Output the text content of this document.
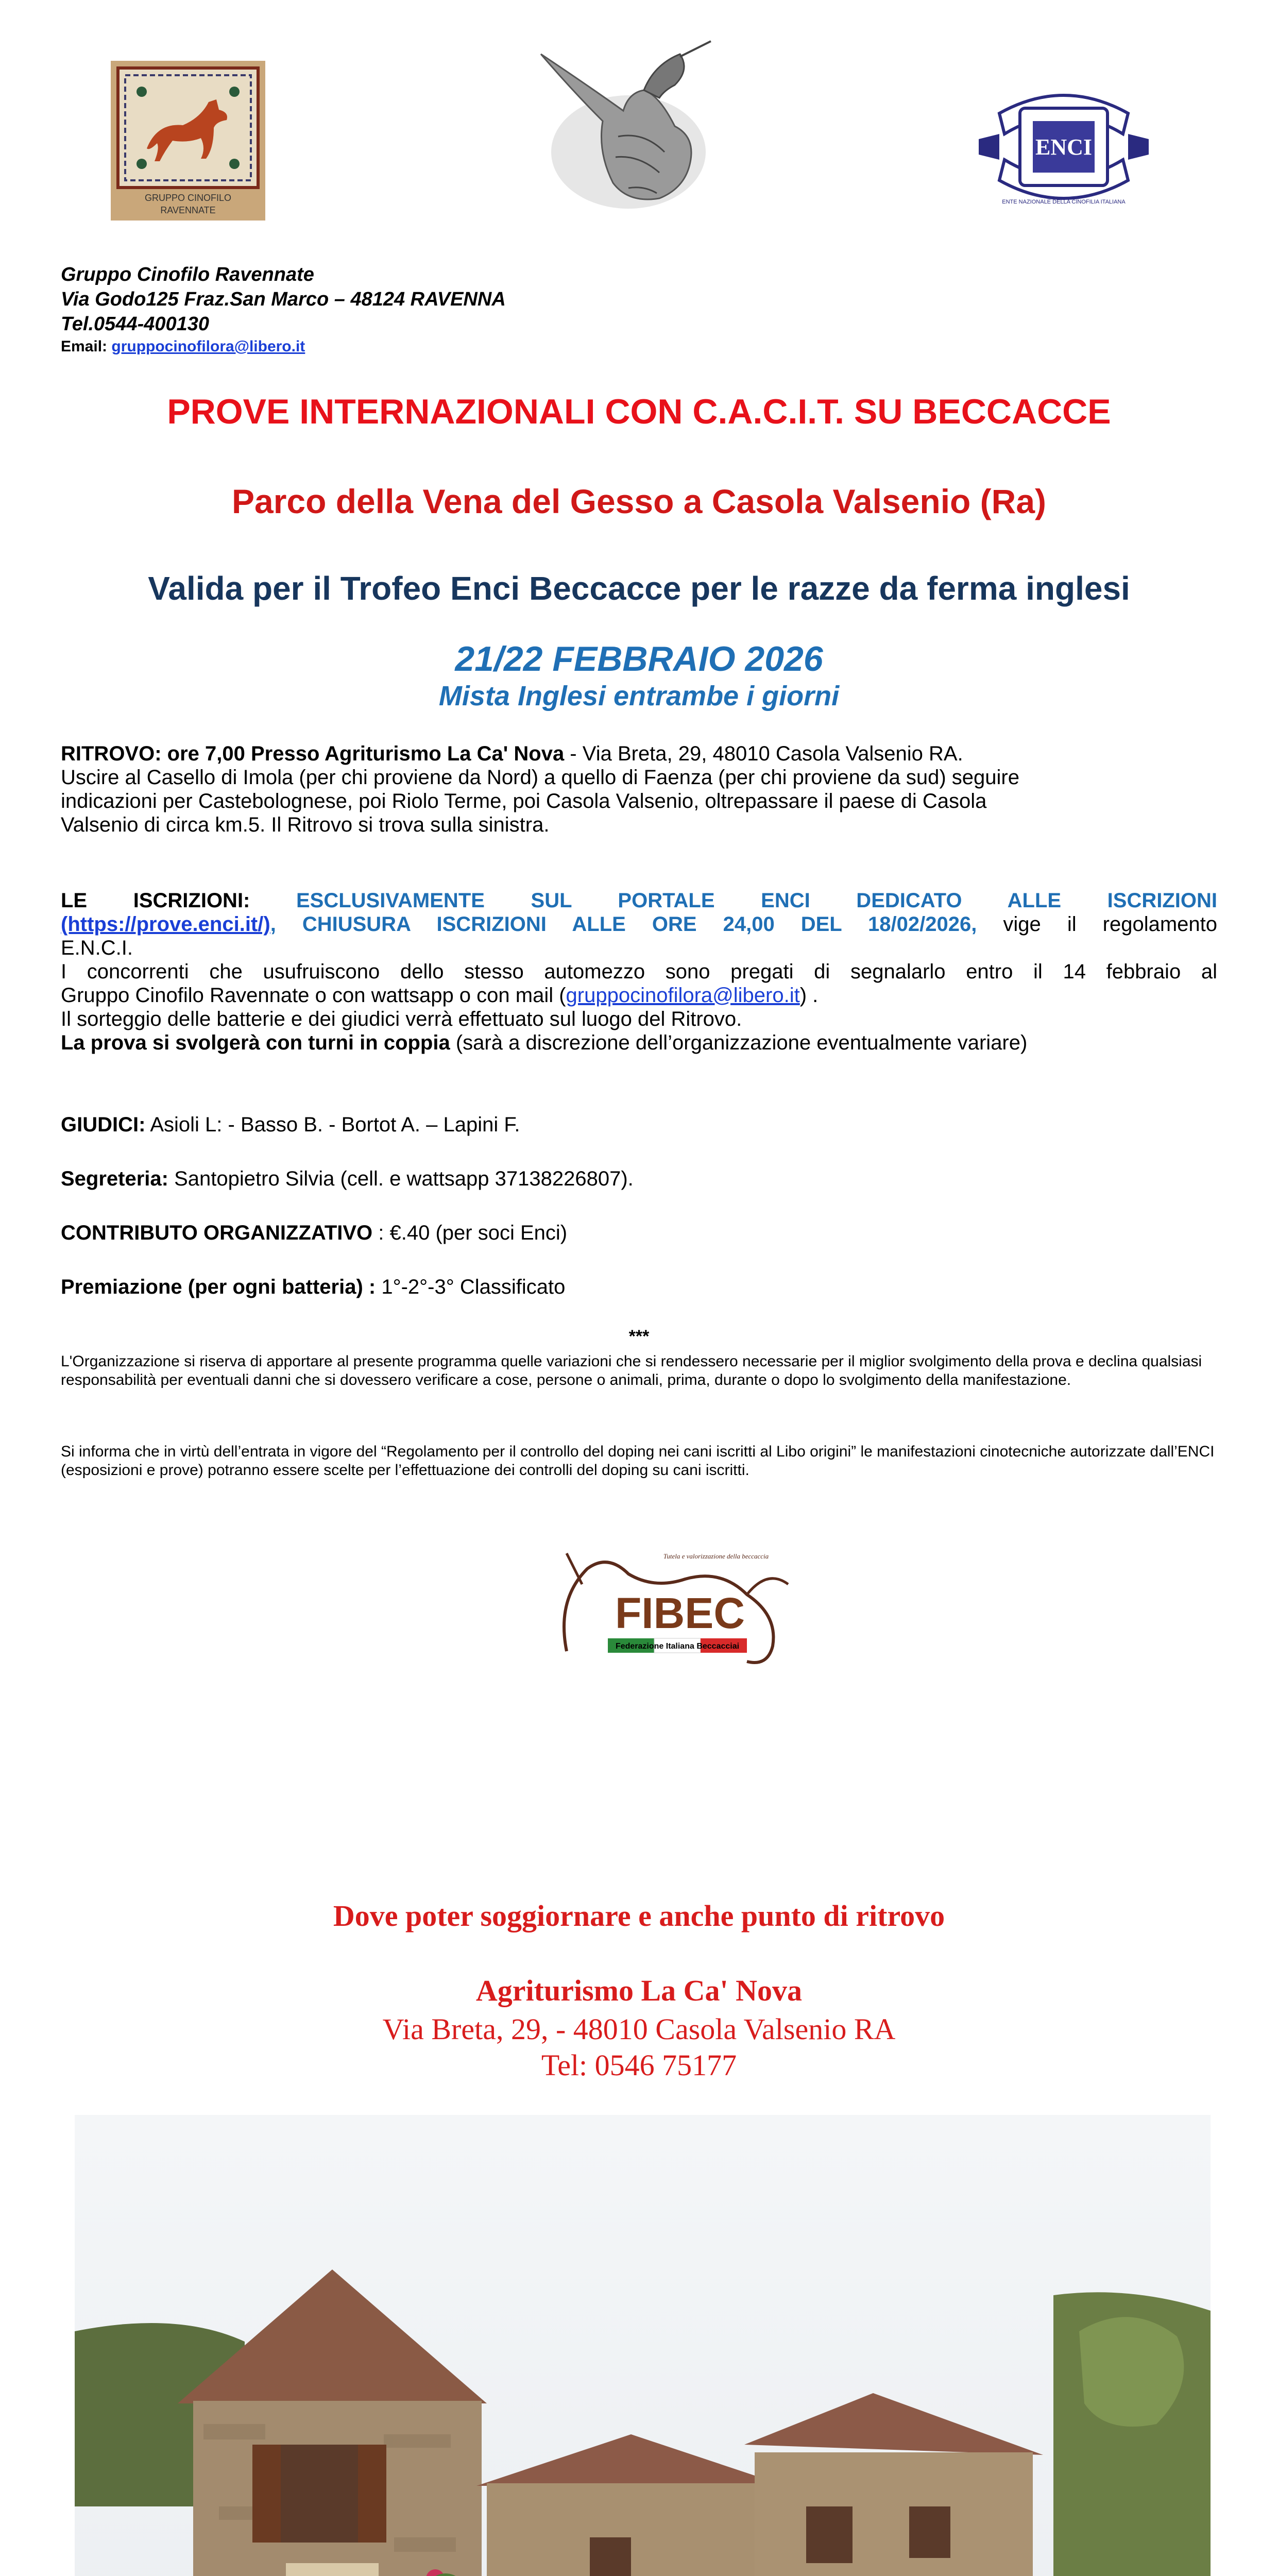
GRUPPO CINOFILO
RAVENNATE
ENCI
ENTE NAZIONALE DELLA CINOFILIA ITALIANA
Gruppo Cinofilo Ravennate
Via Godo125 Fraz.San Marco – 48124 RAVENNA
Tel.0544-400130
Email: gruppocinofilora@libero.it
PROVE INTERNAZIONALI CON C.A.C.I.T. SU BECCACCE
Parco della Vena del Gesso a Casola Valsenio (Ra)
Valida per il Trofeo Enci Beccacce per le razze da ferma inglesi
21/22 FEBBRAIO 2026
Mista Inglesi entrambe i giorni
RITROVO: ore 7,00 Presso Agriturismo La Ca' Nova - Via Breta, 29, 48010 Casola Valsenio RA.
Uscire al Casello di Imola (per chi proviene da Nord) a quello di Faenza (per chi proviene da sud) seguire
indicazioni per Castebolognese, poi Riolo Terme, poi Casola Valsenio, oltrepassare il paese di Casola
Valsenio di circa km.5. Il Ritrovo si trova sulla sinistra.
LE ISCRIZIONI: ESCLUSIVAMENTE SUL PORTALE ENCI DEDICATO ALLE ISCRIZIONI
(https://prove.enci.it/), CHIUSURA ISCRIZIONI ALLE ORE 24,00 DEL 18/02/2026, vige il regolamento
E.N.C.I.
I concorrenti che usufruiscono dello stesso automezzo sono pregati di segnalarlo entro il 14 febbraio al
Gruppo Cinofilo Ravennate o con wattsapp o con mail (gruppocinofilora@libero.it) .
Il sorteggio delle batterie e dei giudici verrà effettuato sul luogo del Ritrovo.
La prova si svolgerà con turni in coppia (sarà a discrezione dell’organizzazione eventualmente variare)
GIUDICI: Asioli L: - Basso B. - Bortot A. – Lapini F.
Segreteria: Santopietro Silvia (cell. e wattsapp 37138226807).
CONTRIBUTO ORGANIZZATIVO : €.40 (per soci Enci)
Premiazione (per ogni batteria) : 1°-2°-3° Classificato
***
L'Organizzazione si riserva di apportare al presente programma quelle variazioni che si rendessero necessarie per il miglior svolgimento della prova e declina qualsiasi responsabilità per eventuali danni che si dovessero verificare a cose, persone o animali, prima, durante o dopo lo svolgimento della manifestazione.
Si informa che in virtù dell’entrata in vigore del “Regolamento per il controllo del doping nei cani iscritti al Libo origini” le manifestazioni cinotecniche autorizzate dall’ENCI (esposizioni e prove) potranno essere scelte per l’effettuazione dei controlli del doping su cani iscritti.
FIBEC
Federazione Italiana Beccacciai
Tutela e valorizzazione della beccaccia
Dove poter soggiornare e anche punto di ritrovo
Agriturismo La Ca' Nova
Via Breta, 29, - 48010 Casola Valsenio RA
Tel: 0546 75177
